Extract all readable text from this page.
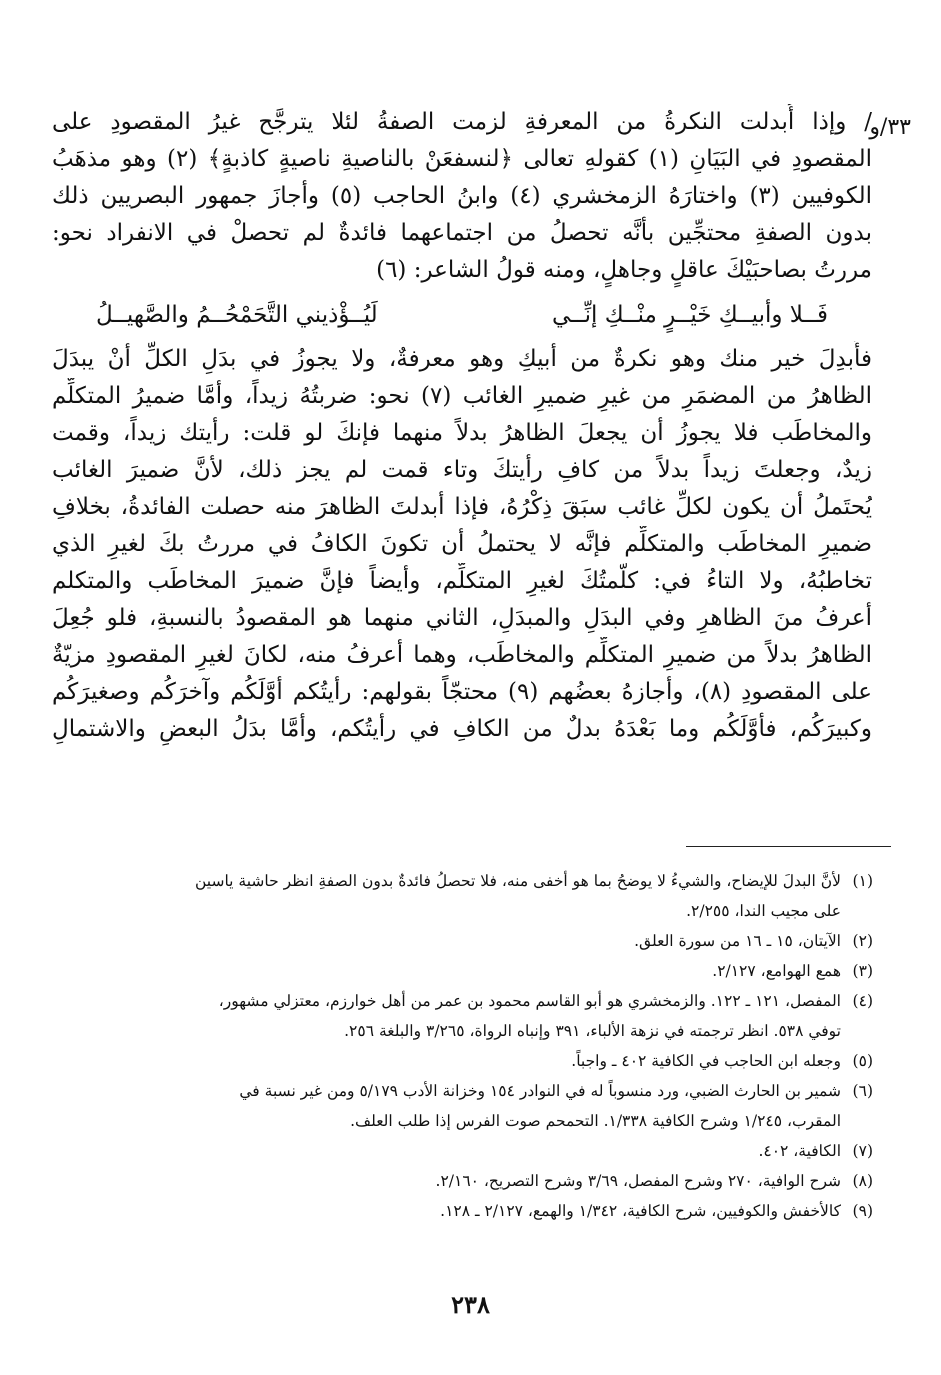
٣٣/و
/ وإذا أُبدلت النكرةُ من المعرفةِ لزمت الصفةُ لئلا يترجَّح غيرُ المقصودِ على
المقصودِ في البَيَانِ (١) كقولهِ تعالى ﴿لنسفعَنْ بالناصيةِ ناصيةٍ كاذبةٍ﴾ (٢) وهو مذهَبُ
الكوفيين (٣) واختارَهُ الزمخشري (٤) وابنُ الحاجب (٥) وأجازَ جمهور البصريين ذلك
بدون الصفةِ محتجِّين بأنَّه تحصلُ من اجتماعهما فائدةٌ لم تحصلْ في الانفراد نحو:
مررتُ بصاحبَيْكَ عاقلٍ وجاهلٍ، ومنه قولُ الشاعر: (٦)
فَــلا وأبيــكِ خَيْــرٍ منْــكِ إنِّــي
لَيُــؤْذيني التَّحَمْحُــمُ والصَّهيــلُ
فأُبدِلَ خير منك وهو نكرةٌ من أبيكِ وهو معرفةٌ، ولا يجوزُ في بدَلِ الكلِّ أنْ يبدَلَ
الظاهرُ من المضمَرِ من غيرِ ضميرِ الغائب (٧) نحو: ضربتُهُ زيداً، وأمَّا ضميرُ المتكلِّم
والمخاطَب فلا يجوزُ أن يجعلَ الظاهرُ بدلاً منهما فإنكَ لو قلت: رأيتك زيداً، وقمت
زيدٌ، وجعلتَ زيداً بدلاً من كافِ رأيتكَ وتاء قمت لم يجز ذلك، لأنَّ ضميرَ الغائب
يُحتَملُ أن يكون لكلِّ غائب سبَقَ ذِكْرُهُ، فإذا أبدلتَ الظاهرَ منه حصلت الفائدةُ، بخلافِ
ضميرِ المخاطَب والمتكلِّم فإنَّه لا يحتملُ أن تكونَ الكافُ في مررتُ بكَ لغيرِ الذي
تخاطبُهُ، ولا التاءُ في: كلَّمتُكَ لغيرِ المتكلِّم، وأيضاً فإنَّ ضميرَ المخاطَب والمتكلم
أعرفُ منَ الظاهرِ وفي البدَلِ والمبدَلِ، الثاني منهما هو المقصودُ بالنسبةِ، فلو جُعِلَ
الظاهرُ بدلاً من ضميرِ المتكلِّم والمخاطَب، وهما أعرفُ منه، لكانَ لغيرِ المقصودِ مزيّةٌ
على المقصودِ (٨)، وأجازهُ بعضُهم (٩) محتجّاً بقولهم: رأيتُكم أوَّلَكُم وآخرَكُم وصغيرَكُم
وكبيرَكُم، فأوَّلَكُم وما بَعْدَهُ بدلٌ من الكافِ في رأيتُكم، وأمَّا بدَلُ البعضِ والاشتمالِ
(١)لأنَّ البدلَ للإيضاح، والشيءُ لا يوضحُ بما هو أخفى منه، فلا تحصلُ فائدةٌ بدون الصفةِ انظر حاشية ياسين
على مجيب الندا، ٢/٢٥٥.
(٢)الآيتان، ١٥ ـ ١٦ من سورة العلق.
(٣)همع الهوامع، ٢/١٢٧.
(٤)المفصل، ١٢١ ـ ١٢٢. والزمخشري هو أبو القاسم محمود بن عمر من أهل خوارزم، معتزلي مشهور،
توفي ٥٣٨. انظر ترجمته في نزهة الألباء، ٣٩١ وإنباه الرواة، ٣/٢٦٥ والبلغة ٢٥٦.
(٥)وجعله ابن الحاجب في الكافية ٤٠٢ ـ واجباً.
(٦)شمير بن الحارث الضبي، ورد منسوباً له في النوادر ١٥٤ وخزانة الأدب ٥/١٧٩ ومن غير نسبة في
المقرب، ١/٢٤٥ وشرح الكافية ١/٣٣٨. التحمحم صوت الفرس إذا طلب العلف.
(٧)الكافية، ٤٠٢.
(٨)شرح الوافية، ٢٧٠ وشرح المفصل، ٣/٦٩ وشرح التصريح، ٢/١٦٠.
(٩)كالأخفش والكوفيين، شرح الكافية، ١/٣٤٢ والهمع، ٢/١٢٧ ـ ١٢٨.
٢٣٨
